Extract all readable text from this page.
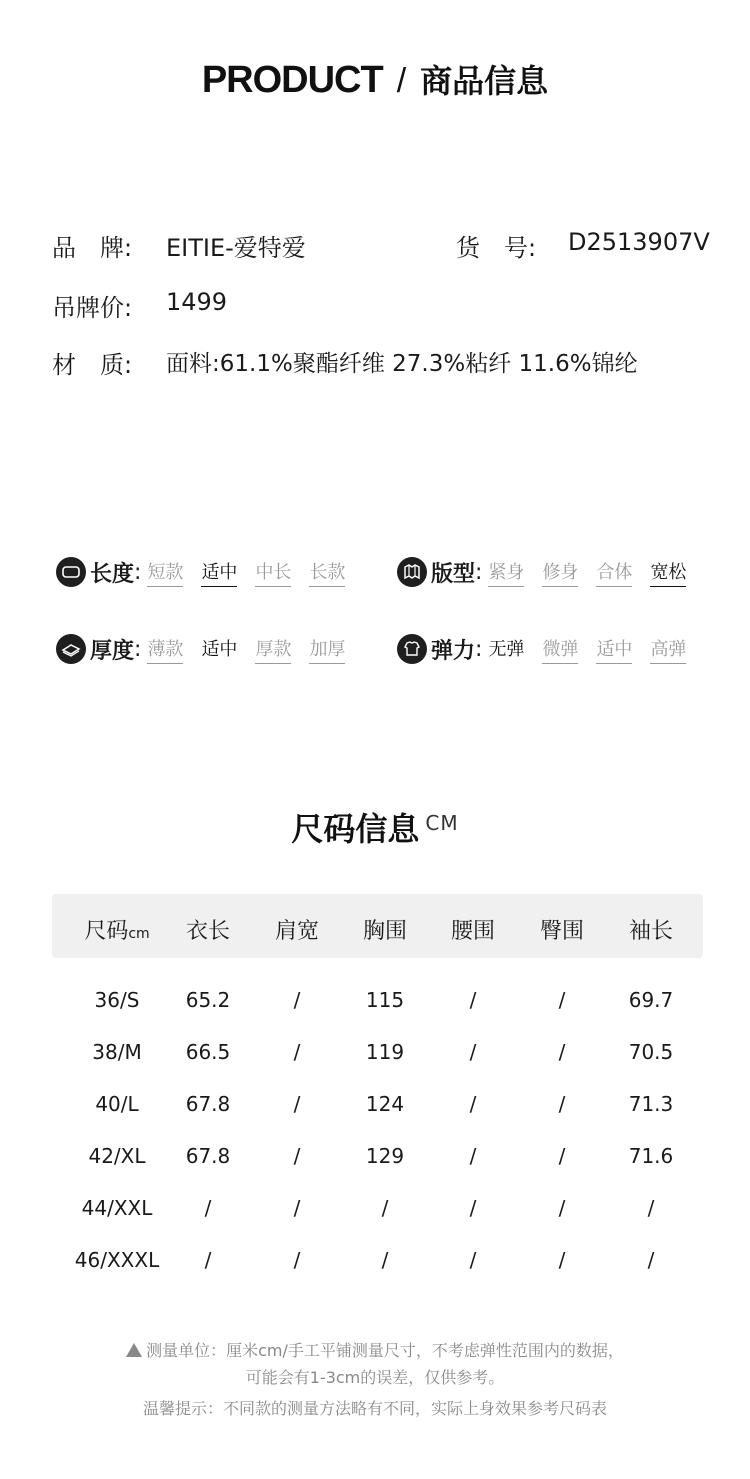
PRODUCT / 商品信息
品　牌: EITIE-爱特爱	货　号: D2513907V
吊牌价: 1499
材　质: 面料:61.1%聚酯纤维 27.3%粘纤 11.6%锦纶
长度 : 短款 适中 中长 长款	版型 : 紧身 修身 合体 宽松
厚度 : 薄款 适中 厚款 加厚	弹力 : 无弹 微弹 适中 高弹
尺码信息 CM
尺码cm	衣长	肩宽	胸围	腰围	臀围	袖长
36/S	65.2	/	115	/	/	69.7
38/M	66.5	/	119	/	/	70.5
40/L	67.8	/	124	/	/	71.3
42/XL	67.8	/	129	/	/	71.6
44/XXL	/	/	/	/	/	/
46/XXXL	/	/	/	/	/	/
测量单位：厘米cm/手工平铺测量尺寸，不考虑弹性范围内的数据，
可能会有1-3cm的误差，仅供参考。
温馨提示：不同款的测量方法略有不同，实际上身效果参考尺码表
